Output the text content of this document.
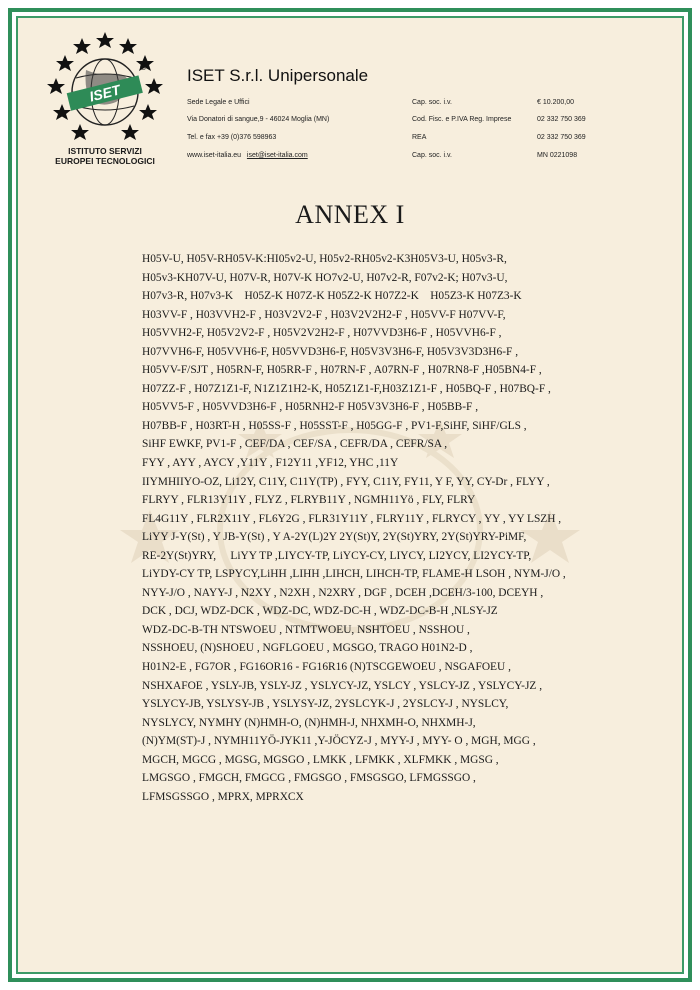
ISET
®
ISTITUTO SERVIZI
EUROPEI TECNOLOGICI
ISET S.r.l. Unipersonale
Sede Legale e Uffici
Via Donatori di sangue,9 - 46024 Moglia (MN)
Tel. e fax +39 (0)376 598963
www.iset-italia.eu iset@iset-italia.com
Cap. soc. i.v.
Cod. Fisc. e P.IVA Reg. Imprese
REA
Cap. soc. i.v.
€ 10.200,00
02 332 750 369
02 332 750 369
MN 0221098
ANNEX I
H05V-U, H05V-RH05V-K:HI05v2-U, H05v2-RH05v2-K3H05V3-U, H05v3-R,
H05v3-KH07V-U, H07V-R, H07V-K HO7v2-U, H07v2-R, F07v2-K; H07v3-U,
H07v3-R, H07v3-K    H05Z-K H07Z-K H05Z2-K H07Z2-K    H05Z3-K H07Z3-K
H03VV-F , H03VVH2-F , H03V2V2-F , H03V2V2H2-F , H05VV-F H07VV-F,
H05VVH2-F, H05V2V2-F , H05V2V2H2-F , H07VVD3H6-F , H05VVH6-F ,
H07VVH6-F, H05VVH6-F, H05VVD3H6-F, H05V3V3H6-F, H05V3V3D3H6-F ,
H05VV-F/SJT , H05RN-F, H05RR-F , H07RN-F , A07RN-F , H07RN8-F ,H05BN4-F ,
H07ZZ-F , H07Z1Z1-F, N1Z1Z1H2-K, H05Z1Z1-F,H03Z1Z1-F , H05BQ-F , H07BQ-F ,
H05VV5-F , H05VVD3H6-F , H05RNH2-F H05V3V3H6-F , H05BB-F ,
H07BB-F , H03RT-H , H05SS-F , H05SST-F , H05GG-F , PV1-F,SiHF, SiHF/GLS ,
SiHF EWKF, PV1-F , CEF/DA , CEF/SA , CEFR/DA , CEFR/SA ,
FYY , AYY , AYCY ,Y11Y , F12Y11 ,YF12, YHC ,11Y
IIYMHIIYO-OZ, Li12Y, C11Y, C11Y(TP) , FYY, C11Y, FY11, Y F, YY, CY-Dr , FLYY ,
FLRYY , FLR13Y11Y , FLYZ , FLRYB11Y , NGMH11Yö , FLY, FLRY
FL4G11Y , FLR2X11Y , FL6Y2G , FLR31Y11Y , FLRY11Y , FLRYCY , YY , YY LSZH ,
LiYY J-Y(St) , Y JB-Y(St) , Y A-2Y(L)2Y 2Y(St)Y, 2Y(St)YRY, 2Y(St)YRY-PiMF,
RE-2Y(St)YRY,     LiYY TP ,LIYCY-TP, LiYCY-CY, LIYCY, LI2YCY, LI2YCY-TP,
LiYDY-CY TP, LSPYCY,LiHH ,LIHH ,LIHCH, LIHCH-TP, FLAME-H LSOH , NYM-J/O ,
NYY-J/O , NAYY-J , N2XY , N2XH , N2XRY , DGF , DCEH ,DCEH/3-100, DCEYH ,
DCK , DCJ, WDZ-DCK , WDZ-DC, WDZ-DC-H , WDZ-DC-B-H ,NLSY-JZ
WDZ-DC-B-TH NTSWOEU , NTMTWOEU, NSHTOEU , NSSHOU ,
NSSHOEU, (N)SHOEU , NGFLGOEU , MGSGO, TRAGO H01N2-D ,
H01N2-E , FG7OR , FG16OR16 - FG16R16 (N)TSCGEWOEU , NSGAFOEU ,
NSHXAFOE , YSLY-JB, YSLY-JZ , YSLYCY-JZ, YSLCY , YSLCY-JZ , YSLYCY-JZ ,
YSLYCY-JB, YSLYSY-JB , YSLYSY-JZ, 2YSLCYK-J , 2YSLCY-J , NYSLCY,
NYSLYCY, NYMHY (N)HMH-O, (N)HMH-J, NHXMH-O, NHXMH-J,
(N)YM(ST)-J , NYMH11YÖ-JYK11 ,Y-JÖCYZ-J , MYY-J , MYY- O , MGH, MGG ,
MGCH, MGCG , MGSG, MGSGO , LMKK , LFMKK , XLFMKK , MGSG ,
LMGSGO , FMGCH, FMGCG , FMGSGO , FMSGSGO, LFMGSSGO ,
LFMSGSSGO , MPRX, MPRXCX
